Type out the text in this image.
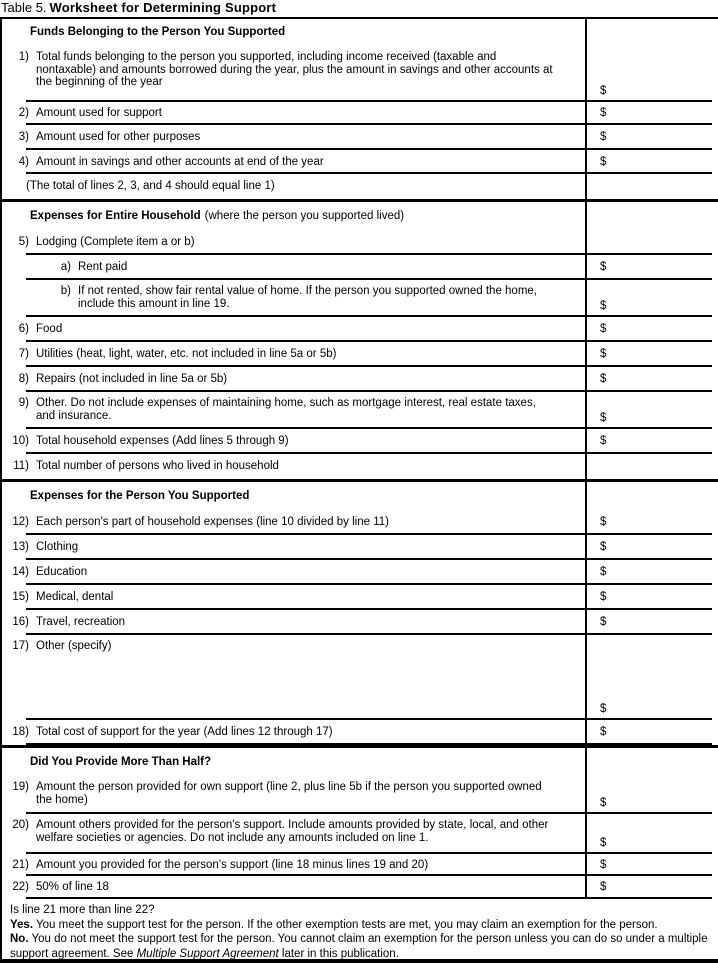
Table 5. Worksheet for Determining Support
Funds Belonging to the Person You Supported
1) Total funds belonging to the person you supported, including income received (taxable and nontaxable) and amounts borrowed during the year, plus the amount in savings and other accounts at the beginning of the year
$
2) Amount used for support	$
3) Amount used for other purposes	$
4) Amount in savings and other accounts at end of the year	$
(The total of lines 2, 3, and 4 should equal line 1)
Expenses for Entire Household (where the person you supported lived)
5) Lodging (Complete item a or b)
a) Rent paid	$
b) If not rented, show fair rental value of home. If the person you supported owned the home, include this amount in line 19.	$
6) Food	$
7) Utilities (heat, light, water, etc. not included in line 5a or 5b)	$
8) Repairs (not included in line 5a or 5b)	$
9) Other. Do not include expenses of maintaining home, such as mortgage interest, real estate taxes, and insurance.	$
10) Total household expenses (Add lines 5 through 9)	$
11) Total number of persons who lived in household
Expenses for the Person You Supported
12) Each person's part of household expenses (line 10 divided by line 11)	$
13) Clothing	$
14) Education	$
15) Medical, dental	$
16) Travel, recreation	$
17) Other (specify)
$
18) Total cost of support for the year (Add lines 12 through 17)	$
Did You Provide More Than Half?
19) Amount the person provided for own support (line 2, plus line 5b if the person you supported owned the home)	$
20) Amount others provided for the person's support. Include amounts provided by state, local, and other welfare societies or agencies. Do not include any amounts included on line 1.	$
21) Amount you provided for the person's support (line 18 minus lines 19 and 20)	$
22) 50% of line 18	$
Is line 21 more than line 22?
Yes. You meet the support test for the person. If the other exemption tests are met, you may claim an exemption for the person.
No. You do not meet the support test for the person. You cannot claim an exemption for the person unless you can do so under a multiple support agreement. See Multiple Support Agreement later in this publication.
